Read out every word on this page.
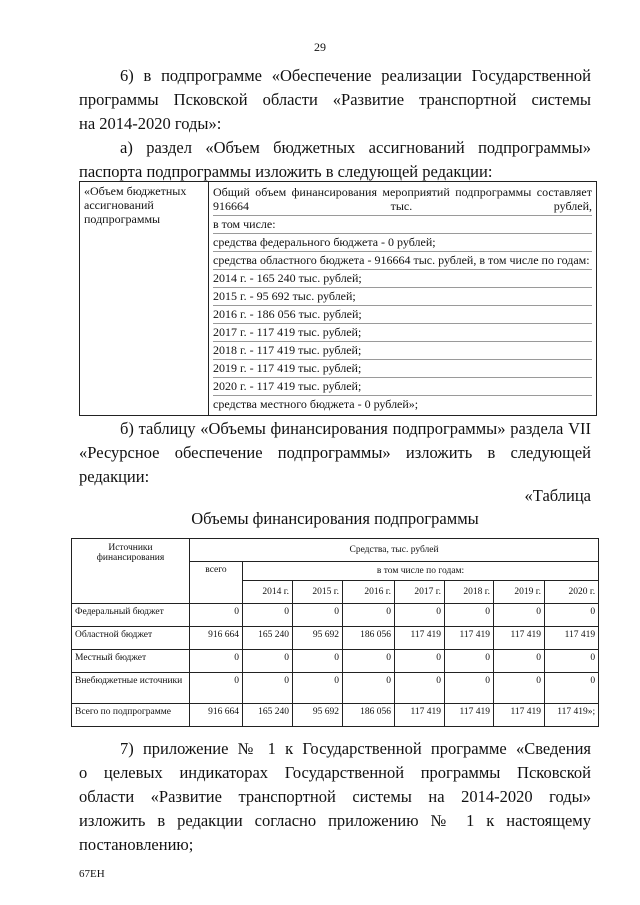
29
6) в подпрограмме «Обеспечение реализации Государственной
программы Псковской области «Развитие транспортной системы
на 2014-2020 годы»:
а) раздел «Объем бюджетных ассигнований подпрограммы»
паспорта подпрограммы изложить в следующей редакции:
«Объем бюджетных ассигнований подпрограммы	
Общий объем финансирования мероприятий подпрограммы составляет 916664 тыс. рублей,
в том числе:
средства федерального бюджета - 0 рублей;
средства областного бюджета - 916664 тыс. рублей, в том числе по годам:
2014 г. - 165 240 тыс. рублей;
2015 г. - 95 692 тыс. рублей;
2016 г. - 186 056 тыс. рублей;
2017 г. - 117 419 тыс. рублей;
2018 г. - 117 419 тыс. рублей;
2019 г. - 117 419 тыс. рублей;
2020 г. - 117 419 тыс. рублей;
средства местного бюджета - 0 рублей»;
б) таблицу «Объемы финансирования подпрограммы» раздела VII
«Ресурсное обеспечение подпрограммы» изложить в следующей
редакции:
«Таблица
Объемы финансирования подпрограммы
Источники финансирования	Средства, тыс. рублей							
	всего	в том числе по годам:						
		2014 г.	2015 г.	2016 г.	2017 г.	2018 г.	2019 г.	2020 г.
Федеральный бюджет	0	0	0	0	0	0	0	0
Областной бюджет	916 664	165 240	95 692	186 056	117 419	117 419	117 419	117 419
Местный бюджет	0	0	0	0	0	0	0	0
Внебюджетные источники	0	0	0	0	0	0	0	0
Всего по подпрограмме	916 664	165 240	95 692	186 056	117 419	117 419	117 419	117 419»;
7) приложение № 1 к Государственной программе «Сведения
о целевых индикаторах Государственной программы Псковской
области «Развитие транспортной системы на 2014-2020 годы»
изложить в редакции согласно приложению № 1 к настоящему
постановлению;
67ЕН
